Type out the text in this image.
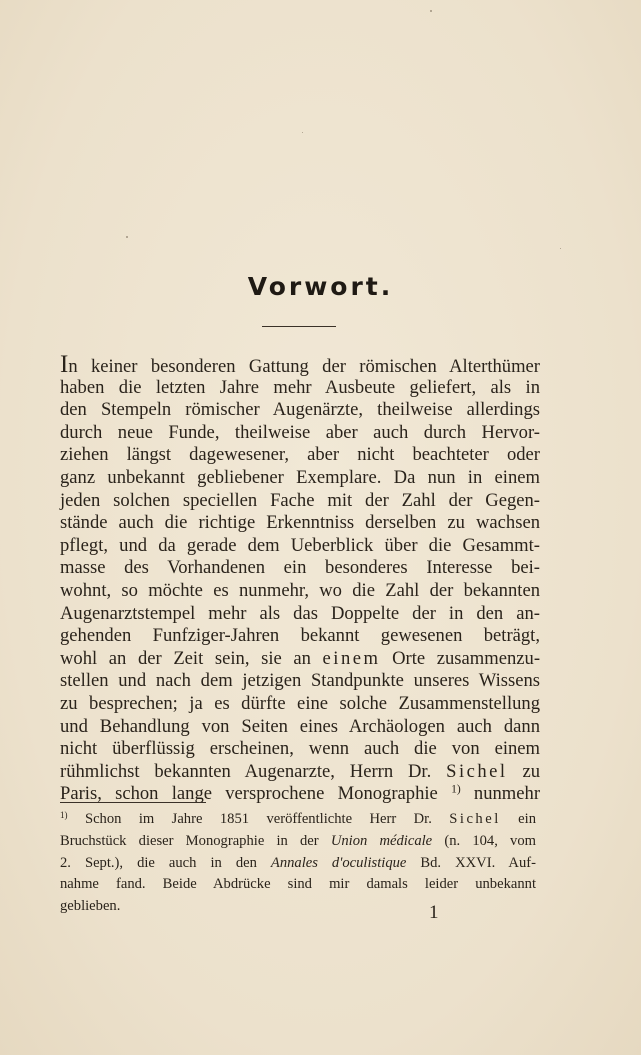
Vorwort.
In keiner besonderen Gattung der römischen Alterthümer
haben die letzten Jahre mehr Ausbeute geliefert, als in
den Stempeln römischer Augenärzte, theilweise allerdings
durch neue Funde, theilweise aber auch durch Hervor-
ziehen längst dagewesener, aber nicht beachteter oder
ganz unbekannt gebliebener Exemplare. Da nun in einem
jeden solchen speciellen Fache mit der Zahl der Gegen-
stände auch die richtige Erkenntniss derselben zu wachsen
pflegt, und da gerade dem Ueberblick über die Gesammt-
masse des Vorhandenen ein besonderes Interesse bei-
wohnt, so möchte es nunmehr, wo die Zahl der bekannten
Augenarztstempel mehr als das Doppelte der in den an-
gehenden Funfziger-Jahren bekannt gewesenen beträgt,
wohl an der Zeit sein, sie an einem Orte zusammenzu-
stellen und nach dem jetzigen Standpunkte unseres Wissens
zu besprechen; ja es dürfte eine solche Zusammenstellung
und Behandlung von Seiten eines Archäologen auch dann
nicht überflüssig erscheinen, wenn auch die von einem
rühmlichst bekannten Augenarzte, Herrn Dr. Sichel zu
Paris, schon lange versprochene Monographie $^{1)}$ nunmehr
$^{1)}$ Schon im Jahre 1851 veröffentlichte Herr Dr. Sichel ein
Bruchstück dieser Monographie in der Union médicale (n. 104, vom
2. Sept.), die auch in den Annales d'oculistique Bd. XXVI. Auf-
nahme fand. Beide Abdrücke sind mir damals leider unbekannt
geblieben.	1
